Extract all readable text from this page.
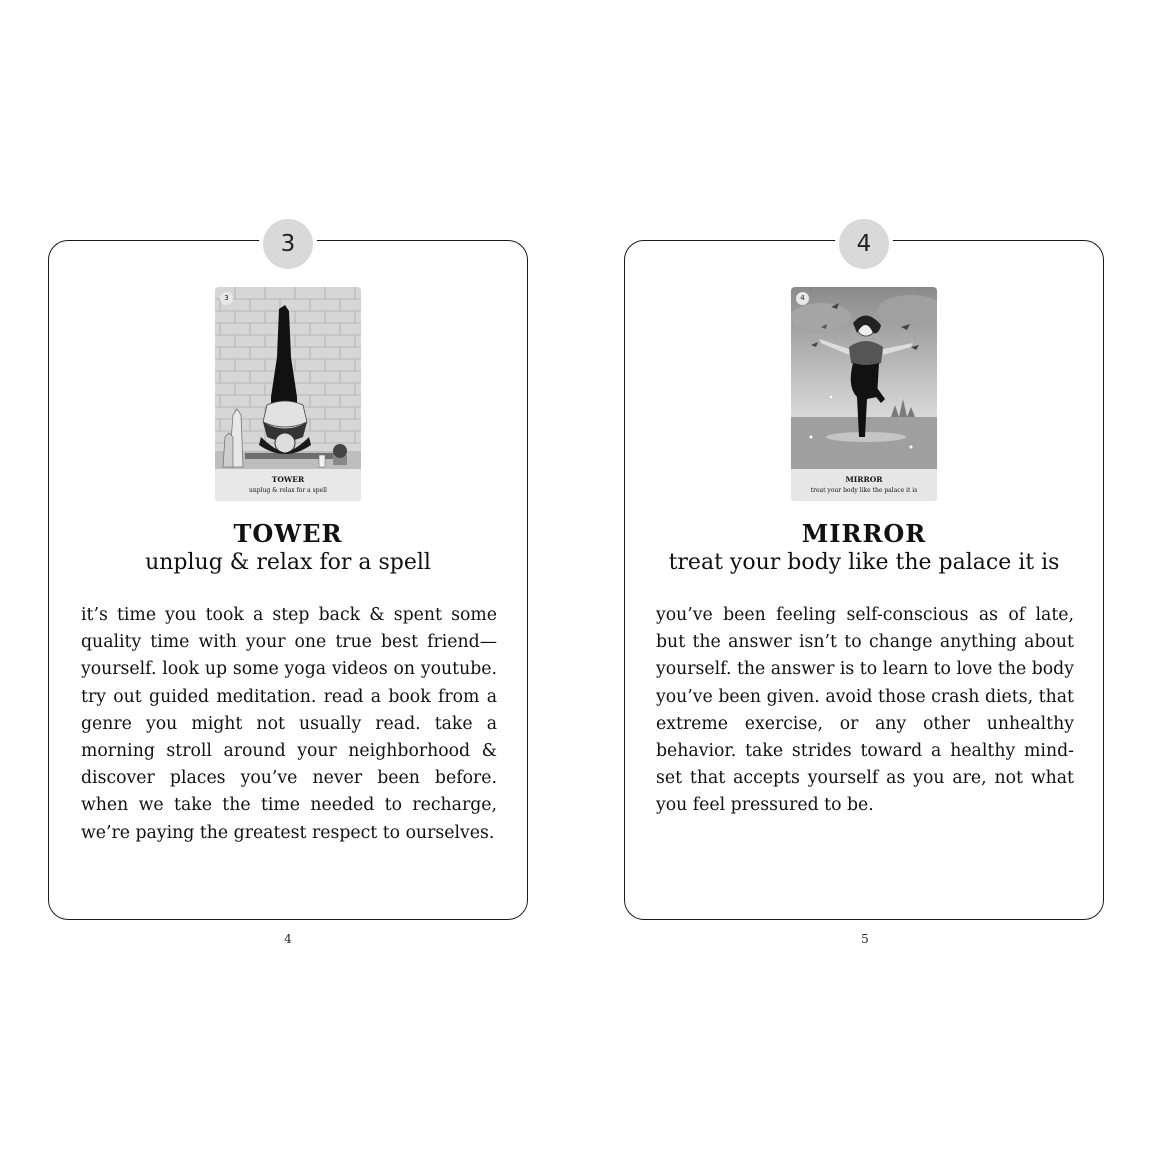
3
3
TOWER
unplug & relax for a spell
TOWER
unplug & relax for a spell

it’s time you took a step back & spent some quality time with your one true best friend—yourself. look up some yoga videos on youtube. try out guided meditation. read a book from a genre you might not usually read. take a morning stroll around your neighborhood & discover places you’ve never been before. when we take the time needed to recharge, we’re paying the greatest respect to ourselves.

4
4
MIRROR
treat your body like the palace it is
MIRROR
treat your body like the palace it is

you’ve been feeling self-conscious as of late, but the answer isn’t to change anything about yourself. the answer is to learn to love the body you’ve been given. avoid those crash diets, that extreme exercise, or any other unhealthy behavior. take strides toward a healthy mind-set that accepts yourself as you are, not what you feel pressured to be.

4	5
